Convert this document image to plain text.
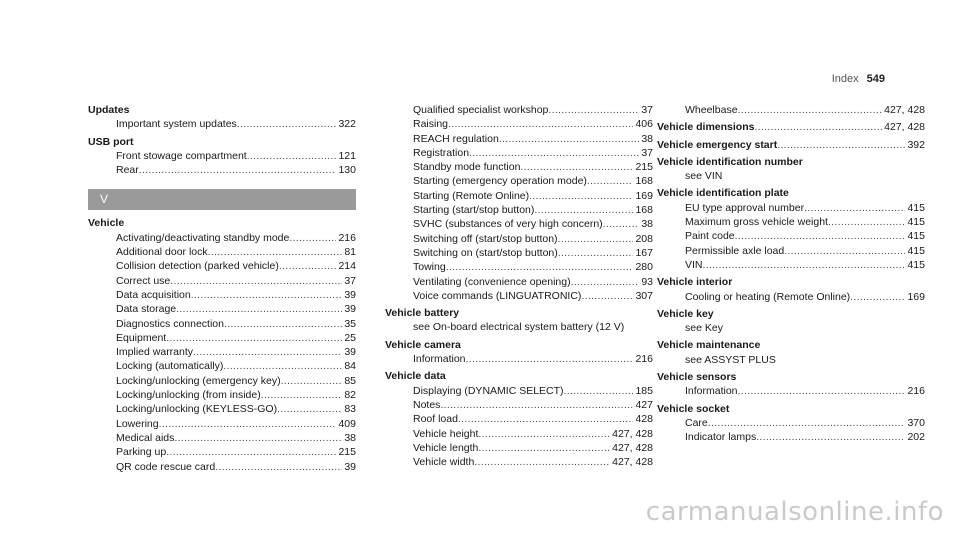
Index 549
Updates
Important system updates .....	322
USB port
Front stowage compartment .....	121
Rear .....	130
V
Vehicle
Activating/deactivating standby mode .....	216
Additional door lock .....	81
Collision detection (parked vehicle) .....	214
Correct use .....	37
Data acquisition .....	39
Data storage .....	39
Diagnostics connection .....	35
Equipment .....	25
Implied warranty .....	39
Locking (automatically) .....	84
Locking/unlocking (emergency key) .....	85
Locking/unlocking (from inside) .....	82
Locking/unlocking (KEYLESS-GO) .....	83
Lowering .....	409
Medical aids .....	38
Parking up .....	215
QR code rescue card .....	39
Qualified specialist workshop .....	37
Raising .....	406
REACH regulation .....	38
Registration .....	37
Standby mode function .....	215
Starting (emergency operation mode) .....	168
Starting (Remote Online) .....	169
Starting (start/stop button) .....	168
SVHC (substances of very high concern) .....	38
Switching off (start/stop button) .....	208
Switching on (start/stop button) .....	167
Towing .....	280
Ventilating (convenience opening) .....	93
Voice commands (LINGUATRONIC) .....	307
Vehicle battery
see On-board electrical system battery (12 V)
Vehicle camera
Information .....	216
Vehicle data
Displaying (DYNAMIC SELECT) .....	185
Notes .....	427
Roof load .....	428
Vehicle height .....	427, 428
Vehicle length .....	427, 428
Vehicle width .....	427, 428
Wheelbase .....	427, 428
Vehicle dimensions .....	427, 428
Vehicle emergency start .....	392
Vehicle identification number
see VIN
Vehicle identification plate
EU type approval number .....	415
Maximum gross vehicle weight .....	415
Paint code .....	415
Permissible axle load .....	415
VIN .....	415
Vehicle interior
Cooling or heating (Remote Online) .....	169
Vehicle key
see Key
Vehicle maintenance
see ASSYST PLUS
Vehicle sensors
Information .....	216
Vehicle socket
Care .....	370
Indicator lamps .....	202
carmanualsonline.info
